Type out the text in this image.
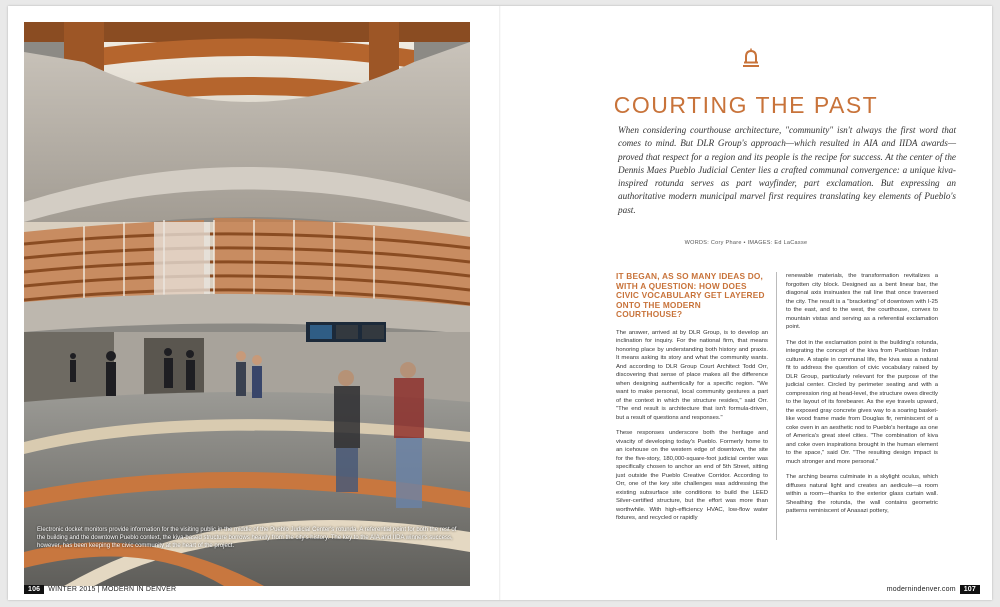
Electronic docket monitors provide information for the visiting public in the middle of the Pueblo Judicial Center's rotunda. A referential point for both the rest of the building and the downtown Pueblo context, the kiva-based structure borrows heavily from the city's history. The key to the AIA and IIDA winner's success, however, has been keeping the civic community at the heart of the project.
106	WINTER 2015 | MODERN IN DENVER
COURTING THE PAST
When considering courthouse architecture, "community" isn't always the first word that comes to mind. But DLR Group's approach—which resulted in AIA and IIDA awards—proved that respect for a region and its people is the recipe for success. At the center of the Dennis Maes Pueblo Judicial Center lies a crafted communal convergence: a unique kiva-inspired rotunda serves as part wayfinder, part exclamation. But expressing an authoritative modern municipal marvel first requires translating key elements of Pueblo's past.
WORDS: Cory Phare • IMAGES: Ed LaCasse
IT BEGAN, AS SO MANY IDEAS DO, WITH A QUESTION: HOW DOES CIVIC VOCABULARY GET LAYERED ONTO THE MODERN COURTHOUSE?

The answer, arrived at by DLR Group, is to develop an inclination for inquiry. For the national firm, that means honoring place by understanding both history and praxis. It means asking its story and what the community wants. And according to DLR Group Court Architect Todd Orr, discovering that sense of place makes all the difference when designing authentically for a specific region. "We want to make personal, local community gestures a part of the context in which the structure resides," said Orr. "The end result is architecture that isn't formula-driven, but a result of questions and responses."

These responses underscore both the heritage and vivacity of developing today's Pueblo. Formerly home to an icehouse on the western edge of downtown, the site for the five-story, 180,000-square-foot judicial center was specifically chosen to anchor an end of 5th Street, sitting just outside the Pueblo Creative Corridor. According to Orr, one of the key site challenges was addressing the existing subsurface site conditions to build the LEED Silver-certified structure, but the effort was more than worthwhile. With high-efficiency HVAC, low-flow water fixtures, and recycled or rapidly

renewable materials, the transformation revitalizes a forgotten city block. Designed as a bent linear bar, the diagonal axis insinuates the rail line that once traversed the city. The result is a "bracketing" of downtown with I-25 to the east, and to the west, the courthouse, convex to mountain vistas and serving as a referential exclamation point.

The dot in the exclamation point is the building's rotunda, integrating the concept of the kiva from Puebloan Indian culture. A staple in communal life, the kiva was a natural fit to address the question of civic vocabulary raised by DLR Group, particularly relevant for the purpose of the judicial center. Circled by perimeter seating and with a compression ring at head-level, the structure owes directly to the layout of its forebearer. As the eye travels upward, the exposed gray concrete gives way to a soaring basket-like wood frame made from Douglas fir, reminiscent of a coke oven in an aesthetic nod to Pueblo's heritage as one of America's great steel cities. "The combination of kiva and coke oven inspirations brought in the human element to the space," said Orr. "The resulting design impact is much stronger and more personal."

The arching beams culminate in a skylight oculus, which diffuses natural light and creates an aedicule—a room within a room—thanks to the exterior glass curtain wall. Sheathing the rotunda, the wall contains geometric patterns reminiscent of Anasazi pottery,

modernindenver.com	107
